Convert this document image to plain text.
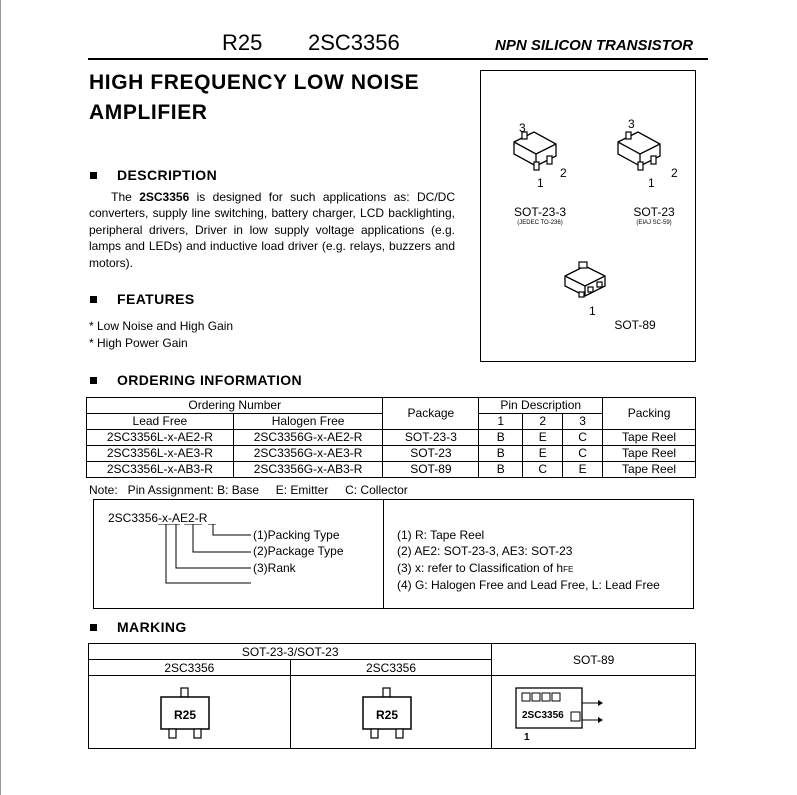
R25 2SC3356	NPN SILICON TRANSISTOR
HIGH FREQUENCY LOW NOISE
AMPLIFIER
DESCRIPTION
The 2SC3356 is designed for such applications as: DC/DC converters, supply line switching, battery charger, LCD backlighting, peripheral drivers, Driver in low supply voltage applications (e.g. lamps and LEDs) and inductive load driver (e.g. relays, buzzers and motors).
FEATURES
* Low Noise and High Gain
* High Power Gain
3
1
2
SOT-23-3
(JEDEC TO-236)
3
1
2
SOT-23
(EIAJ SC-59)
1
SOT-89
ORDERING INFORMATION
Ordering Number		Package	Pin Description			Packing
Lead Free	Halogen Free		1	2	3	
2SC3356L-x-AE2-R	2SC3356G-x-AE2-R	SOT-23-3	B	E	C	Tape Reel
2SC3356L-x-AE3-R	2SC3356G-x-AE3-R	SOT-23	B	E	C	Tape Reel
2SC3356L-x-AB3-R	2SC3356G-x-AB3-R	SOT-89	B	C	E	Tape Reel
Note:   Pin Assignment: B: Base     E: Emitter     C: Collector
2SC3356-x-AE2-R
(1)Packing Type
(2)Package Type
(3)Rank
(1) R: Tape Reel
(2) AE2: SOT-23-3, AE3: SOT-23
(3) x: refer to Classification of hFE
(4) G: Halogen Free and Lead Free, L: Lead Free
MARKING
SOT-23-3/SOT-23		SOT-89
2SC3356	2SC3356	

R25	R25	2SC3356
1
